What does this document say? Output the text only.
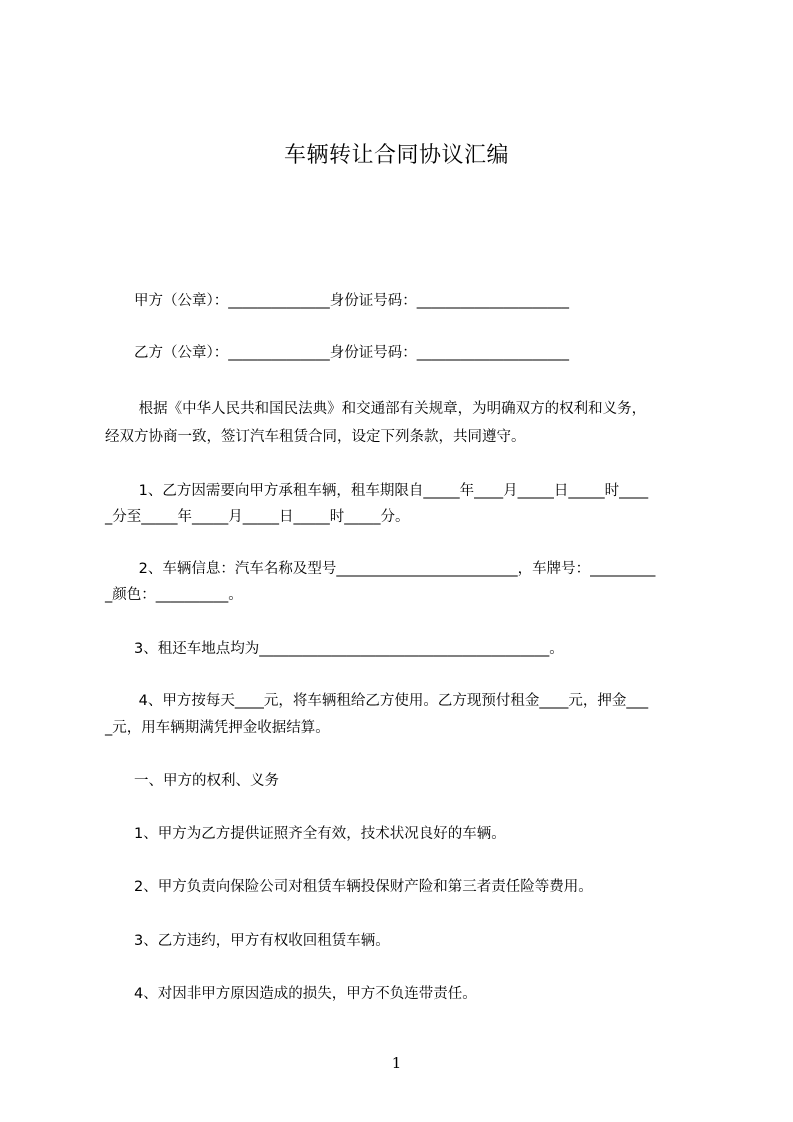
车辆转让合同协议汇编
　　甲方（公章）：______________身份证号码：_____________________
　　乙方（公章）：______________身份证号码：_____________________
　　 根据《中华人民共和国民法典》和交通部有关规章，为明确双方的权利和义务，
经双方协商一致，签订汽车租赁合同，设定下列条款，共同遵守。
　　 1、乙方因需要向甲方承租车辆，租车期限自_____年____月_____日_____时____
_分至_____年_____月_____日_____时_____分。
　　 2、车辆信息：汽车名称及型号_________________________，车牌号：_________
_颜色：__________。
　　3、租还车地点均为________________________________________。
　　 4、甲方按每天____元，将车辆租给乙方使用。乙方现预付租金____元，押金___
_元，用车辆期满凭押金收据结算。
　　一、甲方的权利、义务
　　1、甲方为乙方提供证照齐全有效，技术状况良好的车辆。
　　2、甲方负责向保险公司对租赁车辆投保财产险和第三者责任险等费用。
　　3、乙方违约，甲方有权收回租赁车辆。
　　4、对因非甲方原因造成的损失，甲方不负连带责任。
1
